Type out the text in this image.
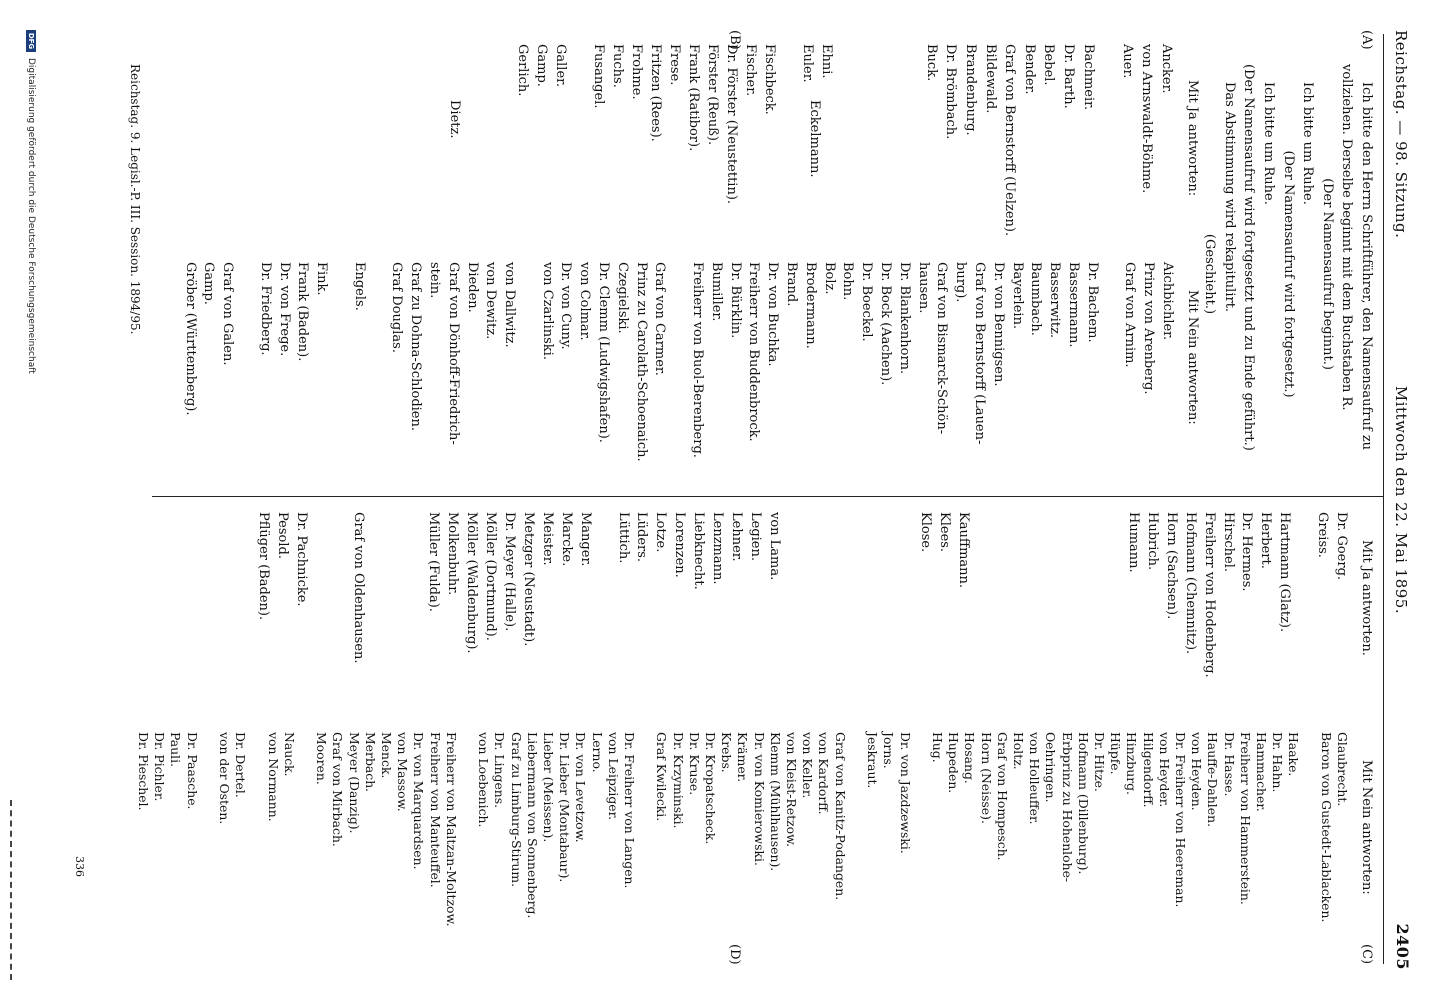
Reichstag. — 98. Sitzung.
Mittwoch den 22. Mai 1895.
2405
(A)
(B)
(C)
(D)
Ich bitte den Herrn Schriftführer, den Namensaufruf zu
vollziehen. Derselbe beginnt mit dem Buchstaben R.
(Der Namensaufruf beginnt.)
Ich bitte um Ruhe.
(Der Namensaufruf wird fortgesetzt.)
Ich bitte um Ruhe.
(Der Namensaufruf wird fortgesetzt und zu Ende geführt.)
Das Abstimmung wird rekapitulirt.
(Geschieht.)
Mit Ja antworten:
Mit Nein antworten:
Mit Ja antworten.
Mit Nein antworten:
Ancker.
von Arnswaldt-Böhme.
Auer.

Bachmeir.
Dr. Barth.
Bebel.
Bender.
Graf von Bernstorff (Uelzen).
Bildewald.
Brandenburg.
Dr. Brömbach.
Buck.
Eckelmann.
Dietz.
Ehni.
Euler.

Fischbeck.
Fischer.
Dr. Förster (Neustettin).
Förster (Reuß).
Frank (Ratibor).
Frese.
Fritzen (Rees).
Frohme.
Fuchs.
Fusangel.

Galler.
Gamp.
Gerlich.
Reichstag. 9. Legisl.-P. III. Session. 1894/95.	Aichbichler.
Prinz von Arenberg.
Graf von Arnim.

Dr. Bachem.
Bassermann.
Basserwitz.
Baumbach.
Bayerlein.
Dr. von Bennigsen.
Graf von Bernstorff (Lauen-
burg).
Graf von Bismarck-Schön-
hausen.
Dr. Blankenhorn.
Dr. Bock (Aachen).
Dr. Boeckel.
Bohn.
Bolz.
Brodermann.
Brand.
Dr. von Buchka.
Freiherr von Buddenbrock.
Dr. Bürklin.
Bumiller.
Freiherr von Buol-Berenberg.

Graf von Carmer.
Prinz zu Carolath-Schoenaich.
Czegielski.
Dr. Clemm (Ludwigshafen).
von Colmar.
Dr. von Cuny.
von Czarlinski.

von Dallwitz.
von Dewitz.
Dieden.
Graf von Dönhoff-Friedrich-
stein.
Graf zu Dohna-Schlodien.
Graf Douglas.

Engels.

Fink.
Frank (Baden).
Dr. von Frege.
Dr. Friedberg.

Graf von Galen.
Gamp.
Gröber (Württemberg).
Dr. Goerg.
Greiss.

Hartmann (Glatz).
Herbert.
Dr. Hermes.
Hirschel.
Freiherr von Hodenberg.
Hofmann (Chemnitz).
Horn (Sachsen).
Hubrich.
Humann.

Kauffmann.
Klees.
Klose.

von Lama.
Legien.
Lehner.
Lenzmann.
Liebknecht.
Lorenzen.
Lotze.
Lüders.
Lüttich.

Manger.
Marcke.
Meister.
Metzger (Neustadt).
Dr. Meyer (Halle).
Möller (Dortmund).
Möller (Waldenburg).
Molkenbuhr.
Müller (Fulda).

Graf von Oldenhausen.

Dr. Pachnicke.
Pesold.
Pflüger (Baden).
Glaubrecht.
Baron von Gustedt-Lablacken.

Haake.
Dr. Hahn.
Hammacher.
Freiherr von Hammerstein.
Dr. Hasse.
Hauffe-Dahlen.
von Heyden.
Dr. Freiherr von Heereman.
von Heyder.
Hilgendorff.
Hinzburg.
Hüpfe.
Dr. Hitze.
Hofmann (Dillenburg).
Erbprinz zu Hohenlohe-
Oehringen.
von Holleuffer.
Holtz.
Graf von Hompesch.
Horn (Neisse).
Hosang.
Hupeden.
Hug.

Dr. von Jazdzewski.
Jorns.
Jeskraut.

Graf von Kanitz-Podangen.
von Kardorff.
von Keller.
von Kleist-Retzow.
Klemm (Mühlhausen).
Dr. von Komierowski.
Krämer.
Krebs.
Dr. Kropatscheck.
Dr. Kruse.
Dr. Krzyminski.
Graf Kwilecki.

Dr. Freiherr von Langen.
von Leipziger.
Lerno.
Dr. von Levetzow.
Dr. Lieber (Montabaur).
Lieber (Meissen).
Liebermann von Sonnenberg.
Graf zu Limburg-Stirum.
Dr. Lingens.
von Loebenich.

Freiherr von Maltzan-Moltzow.
Freiherr von Manteuffel.
Dr. von Marquardsen.
von Massow.
Menck.
Merbach.
Meyer (Danzig).
Graf von Mirbach.
Mooren.

Nauck.
von Normann.

Dr. Dertel.
von der Osten.

Dr. Paasche.
Pauli.
Dr. Pichler.
Dr. Pieschel.
336
DFG
Digitalisierung gefördert durch die Deutsche Forschungsgemeinschaft
